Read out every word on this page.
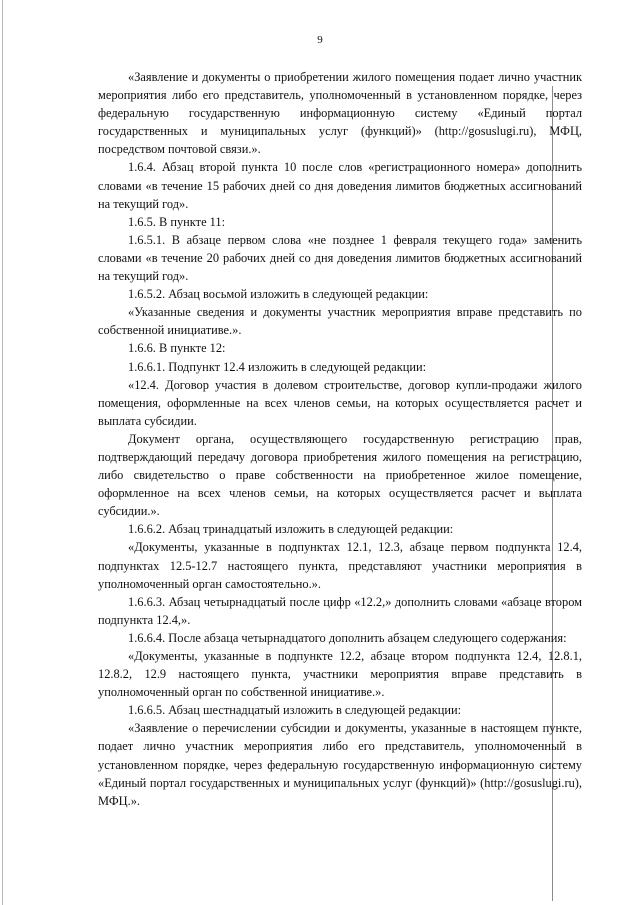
9

«Заявление и документы о приобретении жилого помещения подает лично участник мероприятия либо его представитель, уполномоченный в установленном порядке, через федеральную государственную информационную систему «Единый портал государственных и муниципальных услуг (функций)» (http://gosuslugi.ru), МФЦ, посредством почтовой связи.».

1.6.4. Абзац второй пункта 10 после слов «регистрационного номера» дополнить словами «в течение 15 рабочих дней со дня доведения лимитов бюджетных ассигнований на текущий год».

1.6.5. В пункте 11:

1.6.5.1. В абзаце первом слова «не позднее 1 февраля текущего года» заменить словами «в течение 20 рабочих дней со дня доведения лимитов бюджетных ассигнований на текущий год».

1.6.5.2. Абзац восьмой изложить в следующей редакции:

«Указанные сведения и документы участник мероприятия вправе представить по собственной инициативе.».

1.6.6. В пункте 12:

1.6.6.1. Подпункт 12.4 изложить в следующей редакции:

«12.4. Договор участия в долевом строительстве, договор купли-продажи жилого помещения, оформленные на всех членов семьи, на которых осуществляется расчет и выплата субсидии.

Документ органа, осуществляющего государственную регистрацию прав, подтверждающий передачу договора приобретения жилого помещения на регистрацию, либо свидетельство о праве собственности на приобретенное жилое помещение, оформленное на всех членов семьи, на которых осуществляется расчет и выплата субсидии.».

1.6.6.2. Абзац тринадцатый изложить в следующей редакции:

«Документы, указанные в подпунктах 12.1, 12.3, абзаце первом подпункта 12.4, подпунктах 12.5-12.7 настоящего пункта, представляют участники мероприятия в уполномоченный орган самостоятельно.».

1.6.6.3. Абзац четырнадцатый после цифр «12.2,» дополнить словами «абзаце втором подпункта 12.4,».

1.6.6.4. После абзаца четырнадцатого дополнить абзацем следующего содержания:

«Документы, указанные в подпункте 12.2, абзаце втором подпункта 12.4, 12.8.1, 12.8.2, 12.9 настоящего пункта, участники мероприятия вправе представить в уполномоченный орган по собственной инициативе.».

1.6.6.5. Абзац шестнадцатый изложить в следующей редакции:

«Заявление о перечислении субсидии и документы, указанные в настоящем пункте, подает лично участник мероприятия либо его представитель, уполномоченный в установленном порядке, через федеральную государственную информационную систему «Единый портал государственных и муниципальных услуг (функций)» (http://gosuslugi.ru), МФЦ.».
